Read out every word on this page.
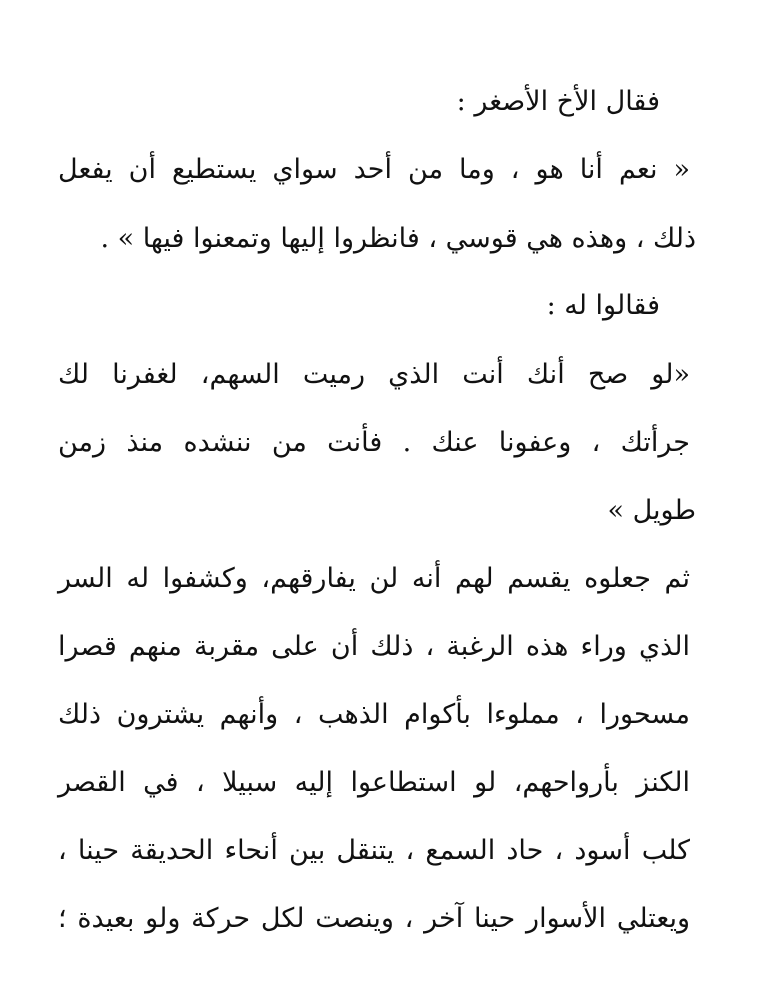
فقال الأخ الأصغر :
« نعم أنا هو ، وما من أحد سواي يستطيع أن يفعل
ذلك ، وهذه هي قوسي ، فانظروا إليها وتمعنوا فيها » .
فقالوا له :
«لو صح أنك أنت الذي رميت السهم، لغفرنا لك
جرأتك ، وعفونا عنك . فأنت من ننشده منذ زمن
طويل »
ثم جعلوه يقسم لهم أنه لن يفارقهم، وكشفوا له السر
الذي وراء هذه الرغبة ، ذلك أن على مقربة منهم قصرا
مسحورا ، مملوءا بأكوام الذهب ، وأنهم يشترون ذلك
الكنز بأرواحهم، لو استطاعوا إليه سبيلا ، في القصر
كلب أسود ، حاد السمع ، يتنقل بين أنحاء الحديقة حينا ،
ويعتلي الأسوار حينا آخر ، وينصت لكل حركة ولو بعيدة ؛
